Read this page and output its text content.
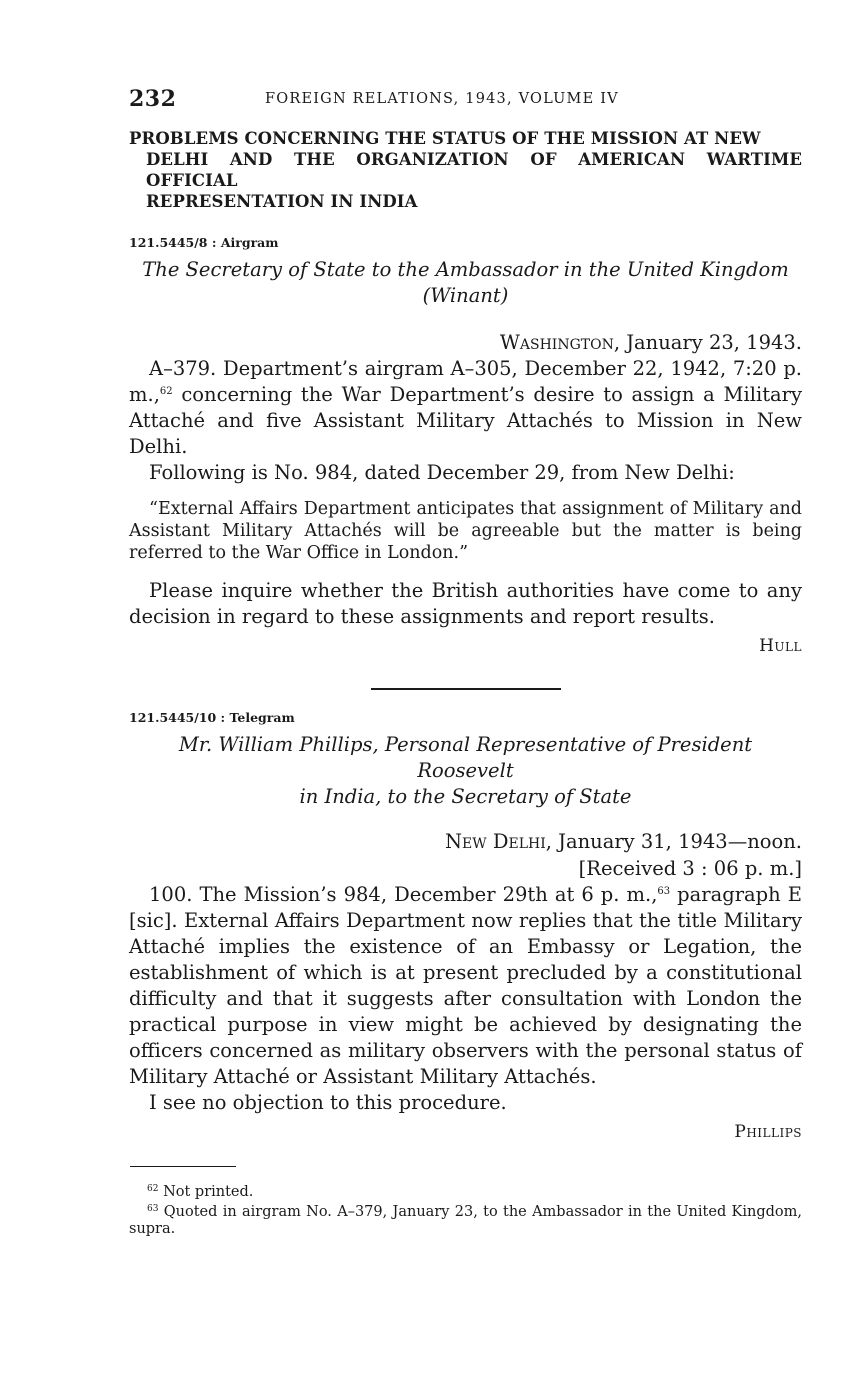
232	FOREIGN RELATIONS, 1943, VOLUME IV
PROBLEMS CONCERNING THE STATUS OF THE MISSION AT NEW
DELHI AND THE ORGANIZATION OF AMERICAN WARTIME OFFICIAL
REPRESENTATION IN INDIA
121.5445/8 : Airgram
The Secretary of State to the Ambassador in the United Kingdom
(Winant)
Washington, January 23, 1943.

A–379. Department’s airgram A–305, December 22, 1942, 7:20 p. m.,$^{62}$ concerning the War Department’s desire to assign a Military Attaché and five Assistant Military Attachés to Mission in New Delhi.

Following is No. 984, dated December 29, from New Delhi:

“External Affairs Department anticipates that assignment of Military and Assistant Military Attachés will be agreeable but the matter is being referred to the War Office in London.”

Please inquire whether the British authorities have come to any decision in regard to these assignments and report results.

Hull
121.5445/10 : Telegram
Mr. William Phillips, Personal Representative of President Roosevelt
in India, to the Secretary of State
New Delhi, January 31, 1943—noon.
[Received 3 : 06 p. m.]

100. The Mission’s 984, December 29th at 6 p. m.,$^{63}$ paragraph E [sic]. External Affairs Department now replies that the title Military Attaché implies the existence of an Embassy or Legation, the establishment of which is at present precluded by a constitutional difficulty and that it suggests after consultation with London the practical purpose in view might be achieved by designating the officers concerned as military observers with the personal status of Military Attaché or Assistant Military Attachés.

I see no objection to this procedure.

Phillips

$^{62}$ Not printed.

$^{63}$ Quoted in airgram No. A–379, January 23, to the Ambassador in the United Kingdom, supra.
